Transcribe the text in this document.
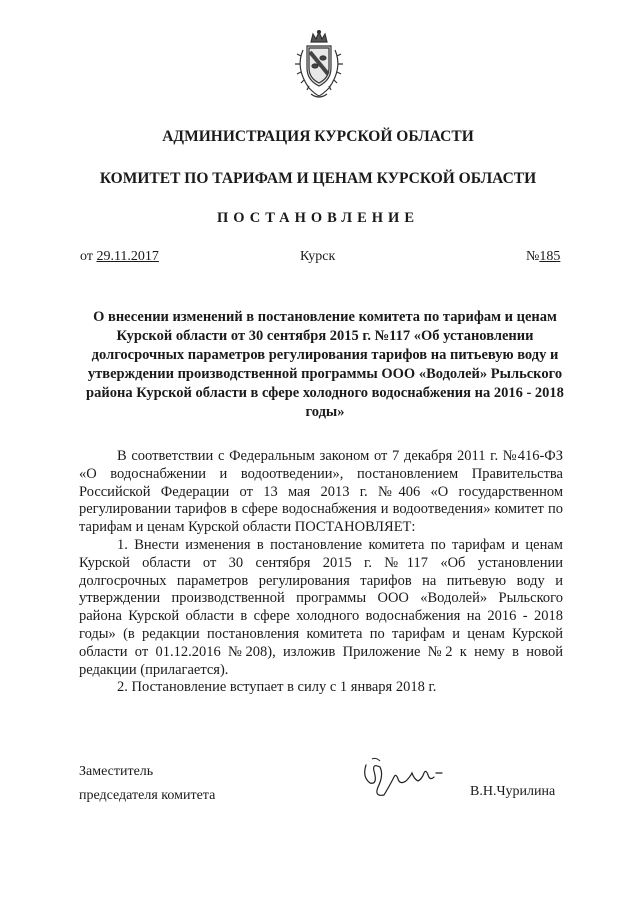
АДМИНИСТРАЦИЯ КУРСКОЙ ОБЛАСТИ
КОМИТЕТ ПО ТАРИФАМ И ЦЕНАМ КУРСКОЙ ОБЛАСТИ
ПОСТАНОВЛЕНИЕ
от 29.11.2017	Курск	№185
О внесении изменений в постановление комитета по тарифам и ценам Курской области от 30 сентября 2015 г. №117 «Об установлении долгосрочных параметров регулирования тарифов на питьевую воду и утверждении производственной программы ООО «Водолей» Рыльского района Курской области в сфере холодного водоснабжения на 2016 - 2018 годы»

В соответствии с Федеральным законом от 7 декабря 2011 г. №416-ФЗ «О водоснабжении и водоотведении», постановлением Правительства Российской Федерации от 13 мая 2013 г. №406 «О государственном регулировании тарифов в сфере водоснабжения и водоотведения» комитет по тарифам и ценам Курской области ПОСТАНОВЛЯЕТ:

1. Внести изменения в постановление комитета по тарифам и ценам Курской области от 30 сентября 2015 г. №117 «Об установлении долгосрочных параметров регулирования тарифов на питьевую воду и утверждении производственной программы ООО «Водолей» Рыльского района Курской области в сфере холодного водоснабжения на 2016 - 2018 годы» (в редакции постановления комитета по тарифам и ценам Курской области от 01.12.2016 №208), изложив Приложение №2 к нему в новой редакции (прилагается).

2. Постановление вступает в силу с 1 января 2018 г.

Заместитель
председателя комитета	В.Н.Чурилина
